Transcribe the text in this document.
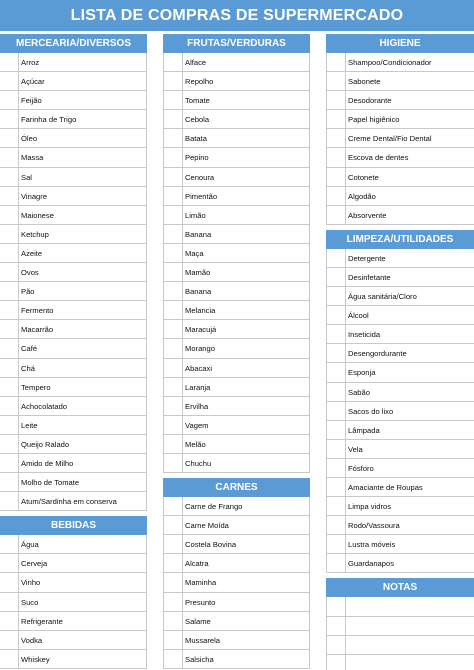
LISTA DE COMPRAS DE SUPERMERCADO
MERCEARIA/DIVERSOS
Arroz
Açúcar
Feijão
Farinha de Trigo
Óleo
Massa
Sal
Vinagre
Maionese
Ketchup
Azeite
Ovos
Pão
Fermento
Macarrão
Café
Chá
Tempero
Achocolatado
Leite
Queijo Ralado
Amido de Milho
Molho de Tomate
Atum/Sardinha em conserva
BEBIDAS
Água
Cerveja
Vinho
Suco
Refrigerante
Vodka
Whiskey
FRUTAS/VERDURAS
Alface
Repolho
Tomate
Cebola
Batata
Pepino
Cenoura
Pimentão
Limão
Banana
Maça
Mamão
Banana
Melancia
Maracujá
Morango
Abacaxi
Laranja
Ervilha
Vagem
Melão
Chuchu
CARNES
Carne de Frango
Carne Moída
Costela Bovina
Alcatra
Maminha
Presunto
Salame
Mussarela
Salsicha
HIGIENE
Shampoo/Condicionador
Sabonete
Desodorante
Papel higiênico
Creme Dental/Fio Dental
Escova de dentes
Cotonete
Algodão
Absorvente
LIMPEZA/UTILIDADES
Detergente
Desinfetante
Água sanitária/Cloro
Álcool
Inseticida
Desengordurante
Esponja
Sabão
Sacos do lixo
Lâmpada
Vela
Fósforo
Amaciante de Roupas
Limpa vidros
Rodo/Vassoura
Lustra móveis
Guardanapos
NOTAS
